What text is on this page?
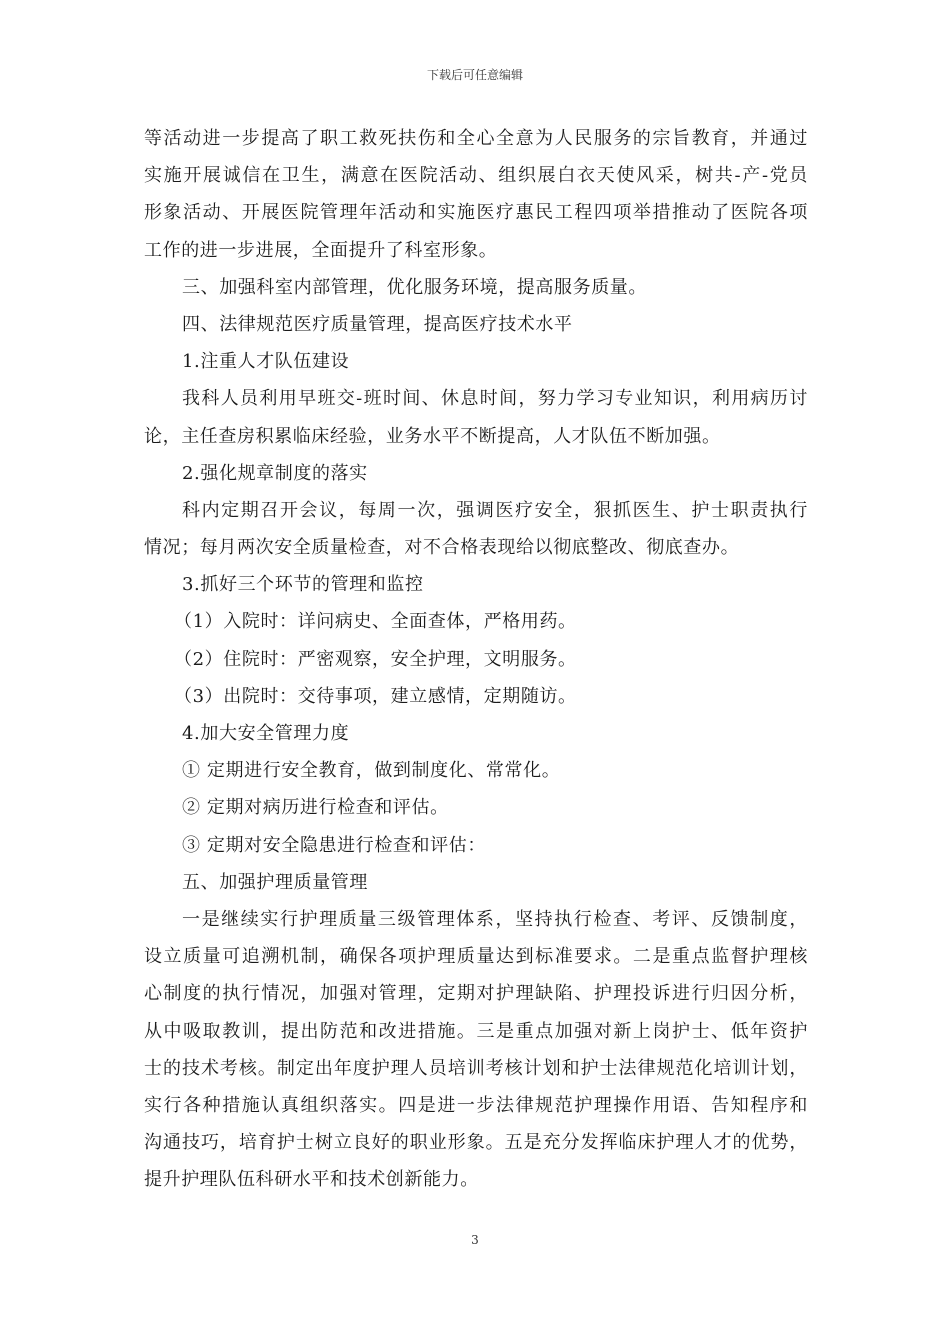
下载后可任意编辑
等活动进一步提高了职工救死扶伤和全心全意为人民服务的宗旨教育，并通过
实施开展诚信在卫生，满意在医院活动、组织展白衣天使风采，树共-产-党员
形象活动、开展医院管理年活动和实施医疗惠民工程四项举措推动了医院各项
工作的进一步进展，全面提升了科室形象。
三、加强科室内部管理，优化服务环境，提高服务质量。
四、法律规范医疗质量管理，提高医疗技术水平
1.注重人才队伍建设
我科人员利用早班交-班时间、休息时间，努力学习专业知识，利用病历讨
论，主任查房积累临床经验，业务水平不断提高，人才队伍不断加强。
2.强化规章制度的落实
科内定期召开会议，每周一次，强调医疗安全，狠抓医生、护士职责执行
情况；每月两次安全质量检查，对不合格表现给以彻底整改、彻底查办。
3.抓好三个环节的管理和监控
（1）入院时：详问病史、全面查体，严格用药。
（2）住院时：严密观察，安全护理，文明服务。
（3）出院时：交待事项，建立感情，定期随访。
4.加大安全管理力度
① 定期进行安全教育，做到制度化、常常化。
② 定期对病历进行检查和评估。
③ 定期对安全隐患进行检查和评估：
五、加强护理质量管理
一是继续实行护理质量三级管理体系，坚持执行检查、考评、反馈制度，
设立质量可追溯机制，确保各项护理质量达到标准要求。二是重点监督护理核
心制度的执行情况，加强对管理，定期对护理缺陷、护理投诉进行归因分析，
从中吸取教训，提出防范和改进措施。三是重点加强对新上岗护士、低年资护
士的技术考核。制定出年度护理人员培训考核计划和护士法律规范化培训计划，
实行各种措施认真组织落实。四是进一步法律规范护理操作用语、告知程序和
沟通技巧，培育护士树立良好的职业形象。五是充分发挥临床护理人才的优势，
提升护理队伍科研水平和技术创新能力。
3
